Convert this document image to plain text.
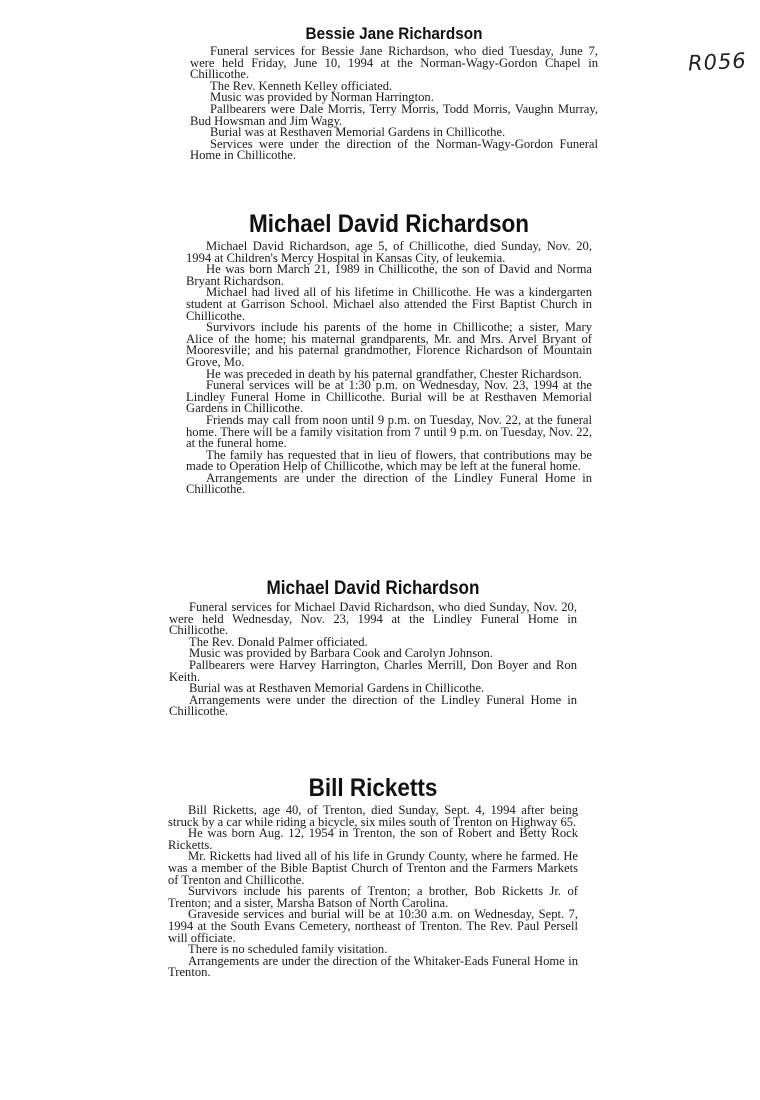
R056
Bessie Jane Richardson

Funeral services for Bessie Jane Richardson, who died Tuesday, June 7, were held Friday, June 10, 1994 at the Norman-Wagy-Gordon Chapel in Chillicothe.

The Rev. Kenneth Kelley officiated.

Music was provided by Norman Harrington.

Pallbearers were Dale Morris, Terry Morris, Todd Morris, Vaughn Murray, Bud Howsman and Jim Wagy.

Burial was at Resthaven Memorial Gardens in Chillicothe.

Services were under the direction of the Norman-Wagy-Gordon Funeral Home in Chillicothe.

Michael David Richardson

Michael David Richardson, age 5, of Chillicothe, died Sunday, Nov. 20, 1994 at Children's Mercy Hospital in Kansas City, of leukemia.

He was born March 21, 1989 in Chillicothe, the son of David and Norma Bryant Richardson.

Michael had lived all of his lifetime in Chillicothe. He was a kindergarten student at Garrison School. Michael also attended the First Baptist Church in Chillicothe.

Survivors include his parents of the home in Chillicothe; a sister, Mary Alice of the home; his maternal grandparents, Mr. and Mrs. Arvel Bryant of Mooresville; and his paternal grandmother, Florence Richardson of Mountain Grove, Mo.

He was preceded in death by his paternal grandfather, Chester Richardson.

Funeral services will be at 1:30 p.m. on Wednesday, Nov. 23, 1994 at the Lindley Funeral Home in Chillicothe. Burial will be at Resthaven Memorial Gardens in Chillicothe.

Friends may call from noon until 9 p.m. on Tuesday, Nov. 22, at the funeral home. There will be a family visitation from 7 until 9 p.m. on Tuesday, Nov. 22, at the funeral home.

The family has requested that in lieu of flowers, that contributions may be made to Operation Help of Chillicothe, which may be left at the funeral home.

Arrangements are under the direction of the Lindley Funeral Home in Chillicothe.

Michael David Richardson

Funeral services for Michael David Richardson, who died Sunday, Nov. 20, were held Wednesday, Nov. 23, 1994 at the Lindley Funeral Home in Chillicothe.

The Rev. Donald Palmer officiated.

Music was provided by Barbara Cook and Carolyn Johnson.

Pallbearers were Harvey Harrington, Charles Merrill, Don Boyer and Ron Keith.

Burial was at Resthaven Memorial Gardens in Chillicothe.

Arrangements were under the direction of the Lindley Funeral Home in Chillicothe.

Bill Ricketts

Bill Ricketts, age 40, of Trenton, died Sunday, Sept. 4, 1994 after being struck by a car while riding a bicycle, six miles south of Trenton on Highway 65.

He was born Aug. 12, 1954 in Trenton, the son of Robert and Betty Rock Ricketts.

Mr. Ricketts had lived all of his life in Grundy County, where he farmed. He was a member of the Bible Baptist Church of Trenton and the Farmers Markets of Trenton and Chillicothe.

Survivors include his parents of Trenton; a brother, Bob Ricketts Jr. of Trenton; and a sister, Marsha Batson of North Carolina.

Graveside services and burial will be at 10:30 a.m. on Wednesday, Sept. 7, 1994 at the South Evans Cemetery, northeast of Trenton. The Rev. Paul Persell will officiate.

There is no scheduled family visitation.

Arrangements are under the direction of the Whitaker-Eads Funeral Home in Trenton.
